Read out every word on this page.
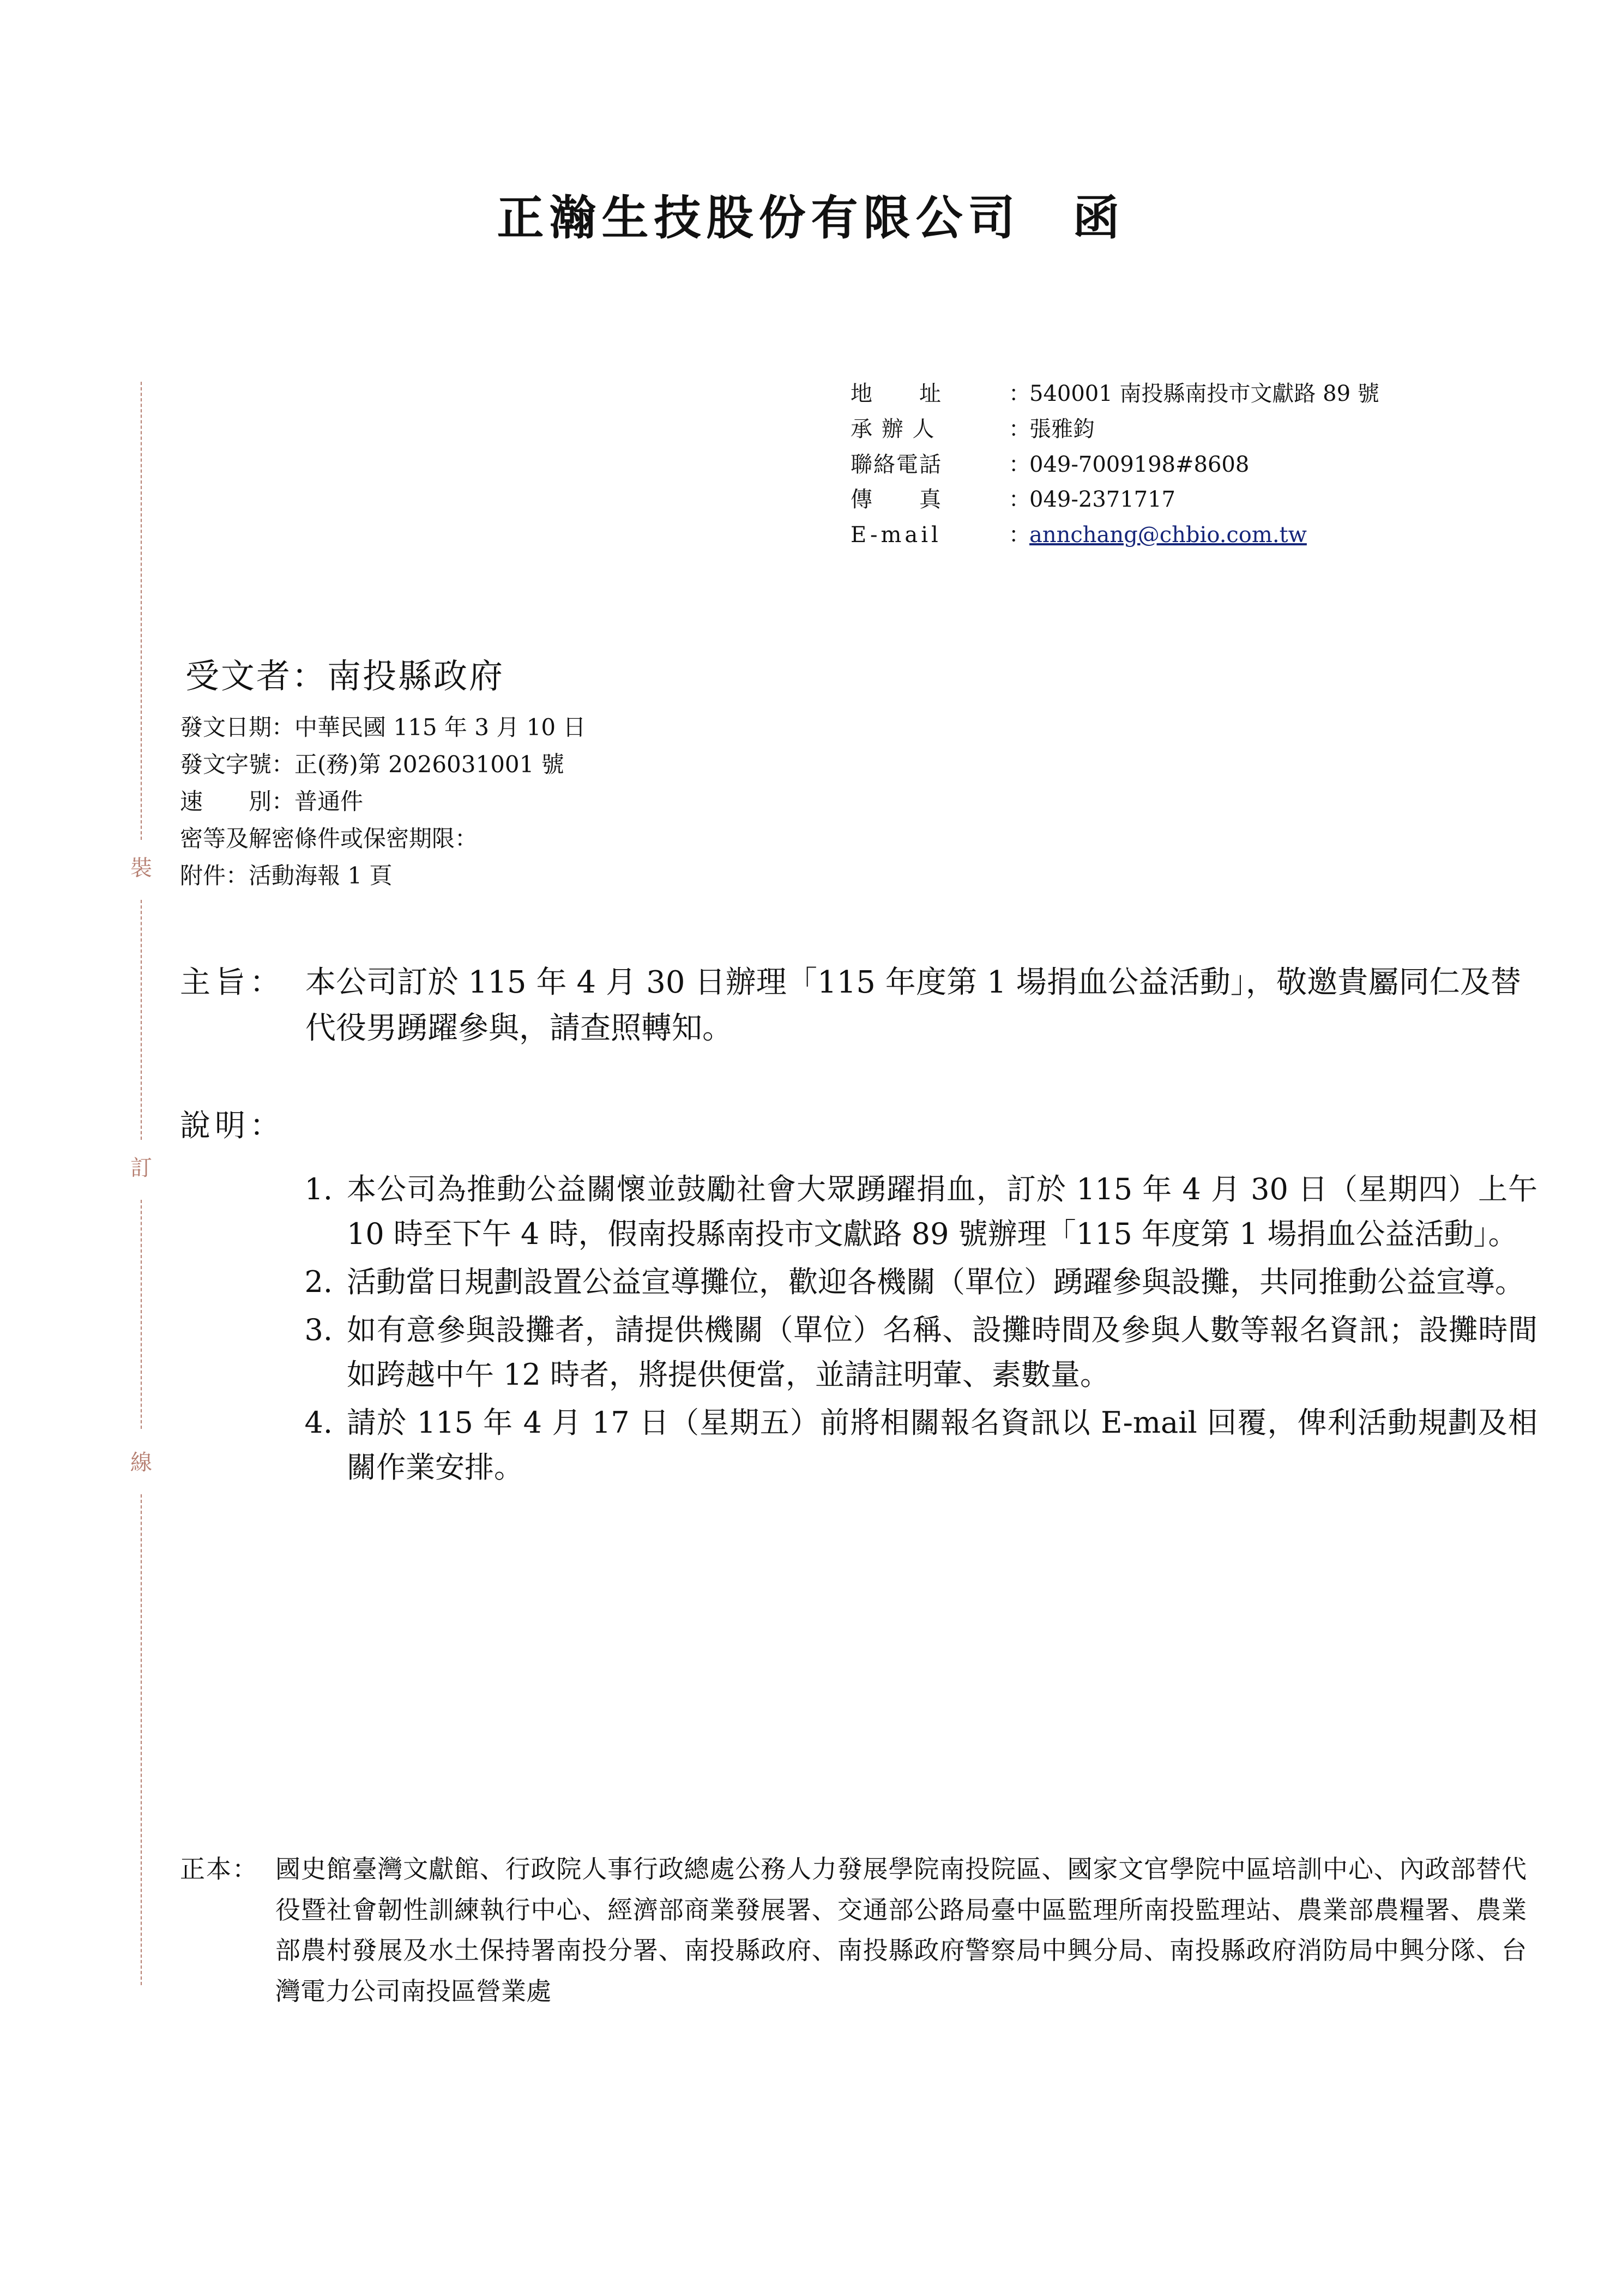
正瀚生技股份有限公司　函
地　　址	：
540001 南投縣南投市文獻路 89 號
承 辦 人	：
張雅鈞
聯絡電話	：
049-7009198#8608
傳　　真	：
049-2371717
E-mail	：
annchang@chbio.com.tw
受文者：南投縣政府
發文日期 ： 中華民國 115 年 3 月 10 日
發文字號 ： 正(務)第 2026031001 號
速　　別 ： 普通件
密等及解密條件或保密期限 ：
附件 ： 活動海報 1 頁
主旨： 本公司訂於 115 年 4 月 30 日辦理「115 年度第 1 場捐血公益活動」，敬邀貴屬同仁及替代役男踴躍參與，請查照轉知。
說明：
1. 本公司為推動公益關懷並鼓勵社會大眾踴躍捐血，訂於 115 年 4 月 30 日（星期四）上午 10 時至下午 4 時，假南投縣南投市文獻路 89 號辦理「115 年度第 1 場捐血公益活動」。
2. 活動當日規劃設置公益宣導攤位，歡迎各機關（單位）踴躍參與設攤，共同推動公益宣導。
3. 如有意參與設攤者，請提供機關（單位）名稱、設攤時間及參與人數等報名資訊；設攤時間如跨越中午 12 時者，將提供便當，並請註明葷、素數量。
4. 請於 115 年 4 月 17 日（星期五）前將相關報名資訊以 E-mail 回覆，俾利活動規劃及相關作業安排。
正本： 國史館臺灣文獻館、行政院人事行政總處公務人力發展學院南投院區、國家文官學院中區培訓中心、內政部替代役暨社會韌性訓練執行中心、經濟部商業發展署、交通部公路局臺中區監理所南投監理站、農業部農糧署、農業部農村發展及水土保持署南投分署、南投縣政府、南投縣政府警察局中興分局、南投縣政府消防局中興分隊、台灣電力公司南投區營業處
裝
訂
線
